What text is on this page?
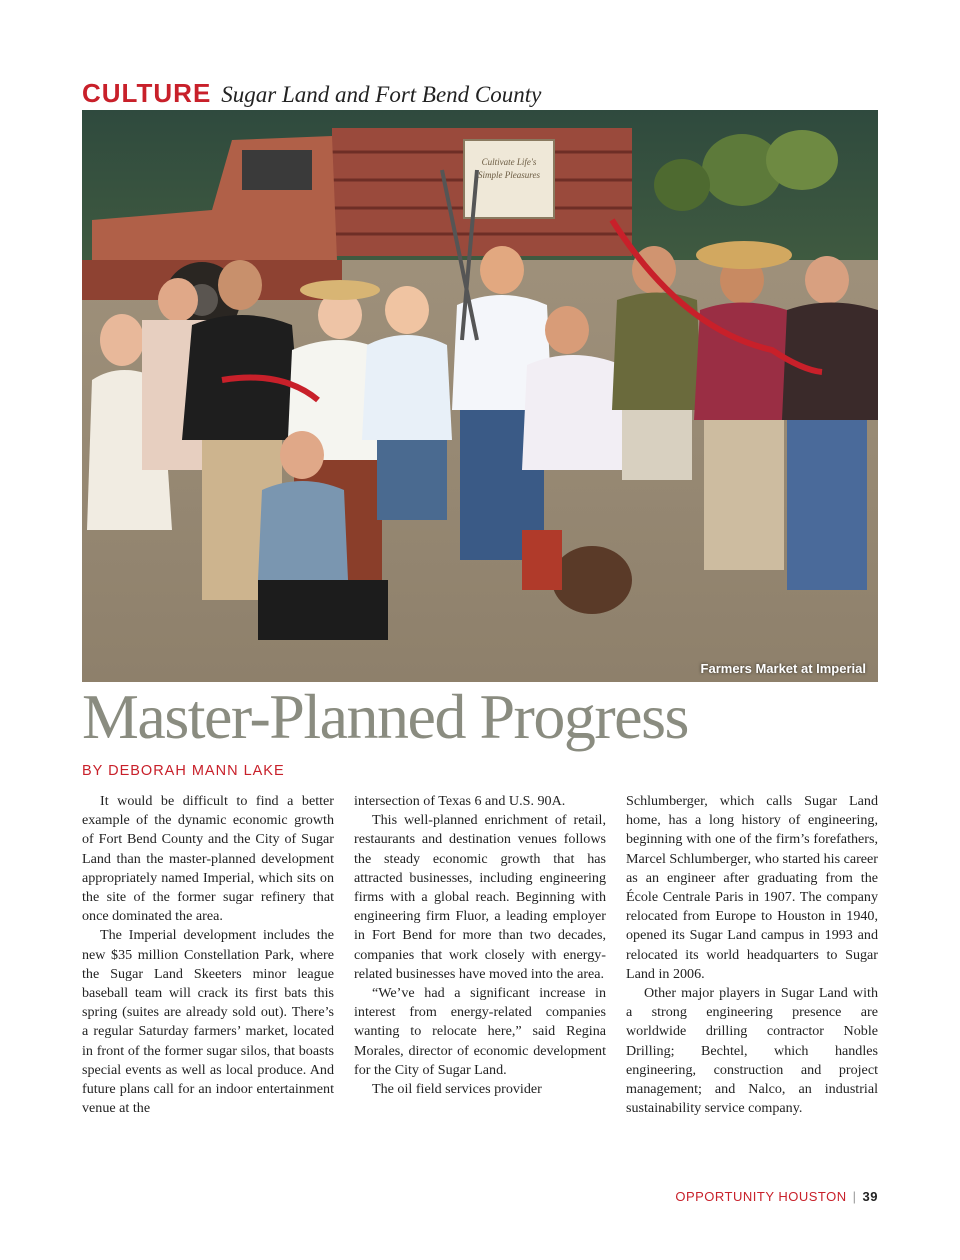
CULTURE Sugar Land and Fort Bend County
Cultivate Life's
Simple Pleasures
Farmers Market at Imperial
Master-Planned Progress
BY DEBORAH MANN LAKE

It would be difficult to find a better example of the dynamic economic growth of Fort Bend County and the City of Sugar Land than the master-planned development appropriately named Imperial, which sits on the site of the former sugar refinery that once dominated the area.

The Imperial development includes the new $35 million Constellation Park, where the Sugar Land Skeeters minor league baseball team will crack its first bats this spring (suites are already sold out). There’s a regular Saturday farmers’ market, located in front of the former sugar silos, that boasts special events as well as local produce. And future plans call for an indoor entertainment venue at the

intersection of Texas 6 and U.S. 90A.

This well-planned enrichment of retail, restaurants and destination venues follows the steady economic growth that has attracted businesses, including engineering firms with a global reach. Beginning with engineering firm Fluor, a leading employer in Fort Bend for more than two decades, companies that work closely with energy-related businesses have moved into the area.

“We’ve had a significant increase in interest from energy-related companies wanting to relocate here,” said Regina Morales, director of economic development for the City of Sugar Land.

The oil field services provider

Schlumberger, which calls Sugar Land home, has a long history of engineering, beginning with one of the firm’s forefathers, Marcel Schlumberger, who started his career as an engineer after graduating from the École Centrale Paris in 1907. The company relocated from Europe to Houston in 1940, opened its Sugar Land campus in 1993 and relocated its world headquarters to Sugar Land in 2006.

Other major players in Sugar Land with a strong engineering presence are worldwide drilling contractor Noble Drilling; Bechtel, which handles engineering, construction and project management; and Nalco, an industrial sustainability service company.

OPPORTUNITY HOUSTON | 39
